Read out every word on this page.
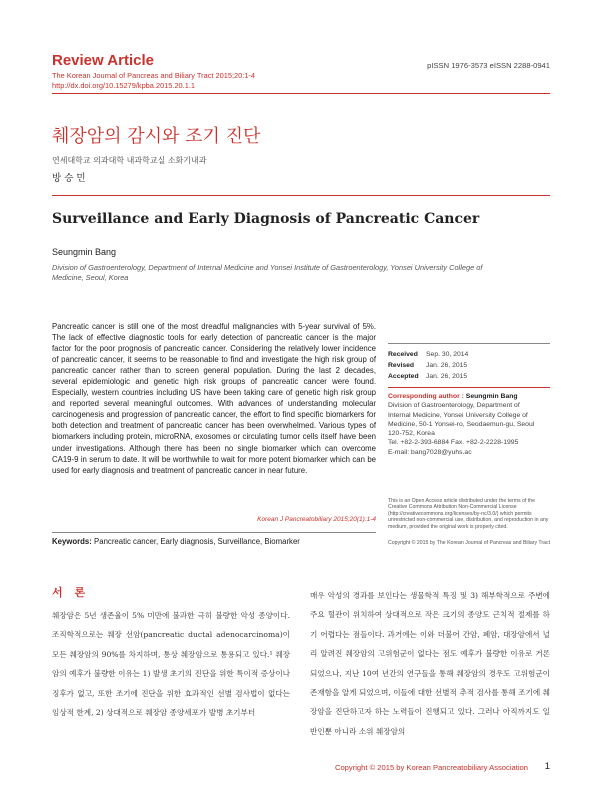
Review Article
The Korean Journal of Pancreas and Biliary Tract 2015;20:1-4
http://dx.doi.org/10.15279/kpba.2015.20.1.1
pISSN 1976-3573 eISSN 2288-0941
췌장암의 감시와 조기 진단
연세대학교 의과대학 내과학교실 소화기내과
방 승 민
Surveillance and Early Diagnosis of Pancreatic Cancer
Seungmin Bang
Division of Gastroenterology, Department of Internal Medicine and Yonsei Institute of Gastroenterology, Yonsei University College of Medicine, Seoul, Korea
Pancreatic cancer is still one of the most dreadful malignancies with 5-year survival of 5%. The lack of effective diagnostic tools for early detection of pancreatic cancer is the major factor for the poor prognosis of pancreatic cancer. Considering the relatively lower incidence of pancreatic cancer, it seems to be reasonable to find and investigate the high risk group of pancreatic cancer rather than to screen general population. During the last 2 decades, several epidemiologic and genetic high risk groups of pancreatic cancer were found. Especially, western countries including US have been taking care of genetic high risk group and reported several meaningful outcomes. With advances of understanding molecular carcinogenesis and progression of pancreatic cancer, the effort to find specific biomarkers for both detection and treatment of pancreatic cancer has been overwhelmed. Various types of biomarkers including protein, microRNA, exosomes or circulating tumor cells itself have been under investigations. Although there has been no single biomarker which can overcome CA19-9 in serum to date. It will be worthwhile to wait for more potent biomarker which can be used for early diagnosis and treatment of pancreatic cancer in near future.
Korean J Pancreatobiliary 2015;20(1):1-4
Keywords: Pancreatic cancer, Early diagnosis, Surveillance, Biomarker
Received	Sep. 30, 2014
Revised	Jan. 26, 2015
Accepted	Jan. 26, 2015
Corresponding author : Seungmin Bang
Division of Gastroenterology, Department of
Internal Medicine, Yonsei University College of
Medicine, 50-1 Yonsei-ro, Seodaemun-gu, Seoul
120-752, Korea
Tel. +82-2-393-6884 Fax. +82-2-2228-1995
E-mail: bang7028@yuhs.ac
This is an Open Access article distributed under the terms of the Creative Commons Attribution Non-Commercial License (http://creativecommons.org/licenses/by-nc/3.0/) which permits unrestricted non-commercial use, distribution, and reproduction in any medium, provided the original work is properly cited.
Copyright © 2015 by The Korean Journal of Pancreas and Biliary Tract
서 론
췌장암은 5년 생존율이 5% 미만에 불과한 극히 불량한 악성 종양이다. 조직학적으로는 췌장 선암(pancreatic ductal adenocarcinoma)이 모든 췌장암의 90%를 차지하며, 통상 췌장암으로 통용되고 있다.¹ 췌장암의 예후가 불량한 이유는 1) 발생 초기의 진단을 위한 특이적 증상이나 징후가 없고, 또한 조기에 진단을 위한 효과적인 선별 검사법이 없다는 임상적 한계, 2) 상대적으로 췌장암 종양세포가 발병 초기부터
매우 악성의 경과를 보인다는 생물학적 특징 및 3) 해부학적으로 주변에 주요 혈관이 위치하여 상대적으로 작은 크기의 종양도 근치적 절제를 하기 어렵다는 점들이다. 과거에는 이와 더불어 간암, 폐암, 대장암에서 널리 알려진 췌장암의 고위험군이 없다는 점도 예후가 불량한 이유로 거론되었으나, 지난 10여 년간의 연구들을 통해 췌장암의 경우도 고위험군이 존재함을 알게 되었으며, 이들에 대한 선별적 추적 검사를 통해 조기에 췌장암을 진단하고자 하는 노력들이 진행되고 있다. 그러나 아직까지도 일반인뿐 아니라 소위 췌장암의
Copyright © 2015 by Korean Pancreatobiliary Association 1
